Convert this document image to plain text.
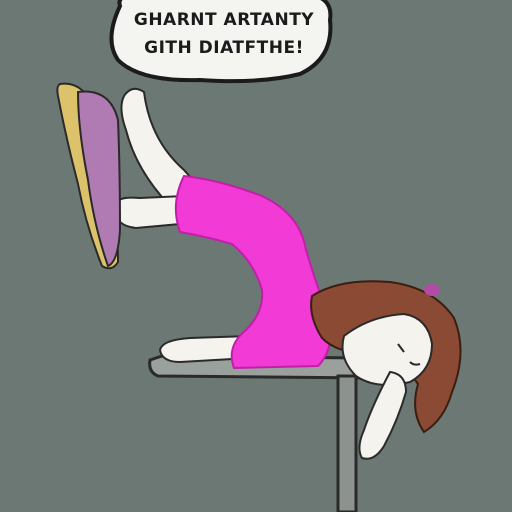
GHARNT ARTANTY
GITH DIATFTHE!
